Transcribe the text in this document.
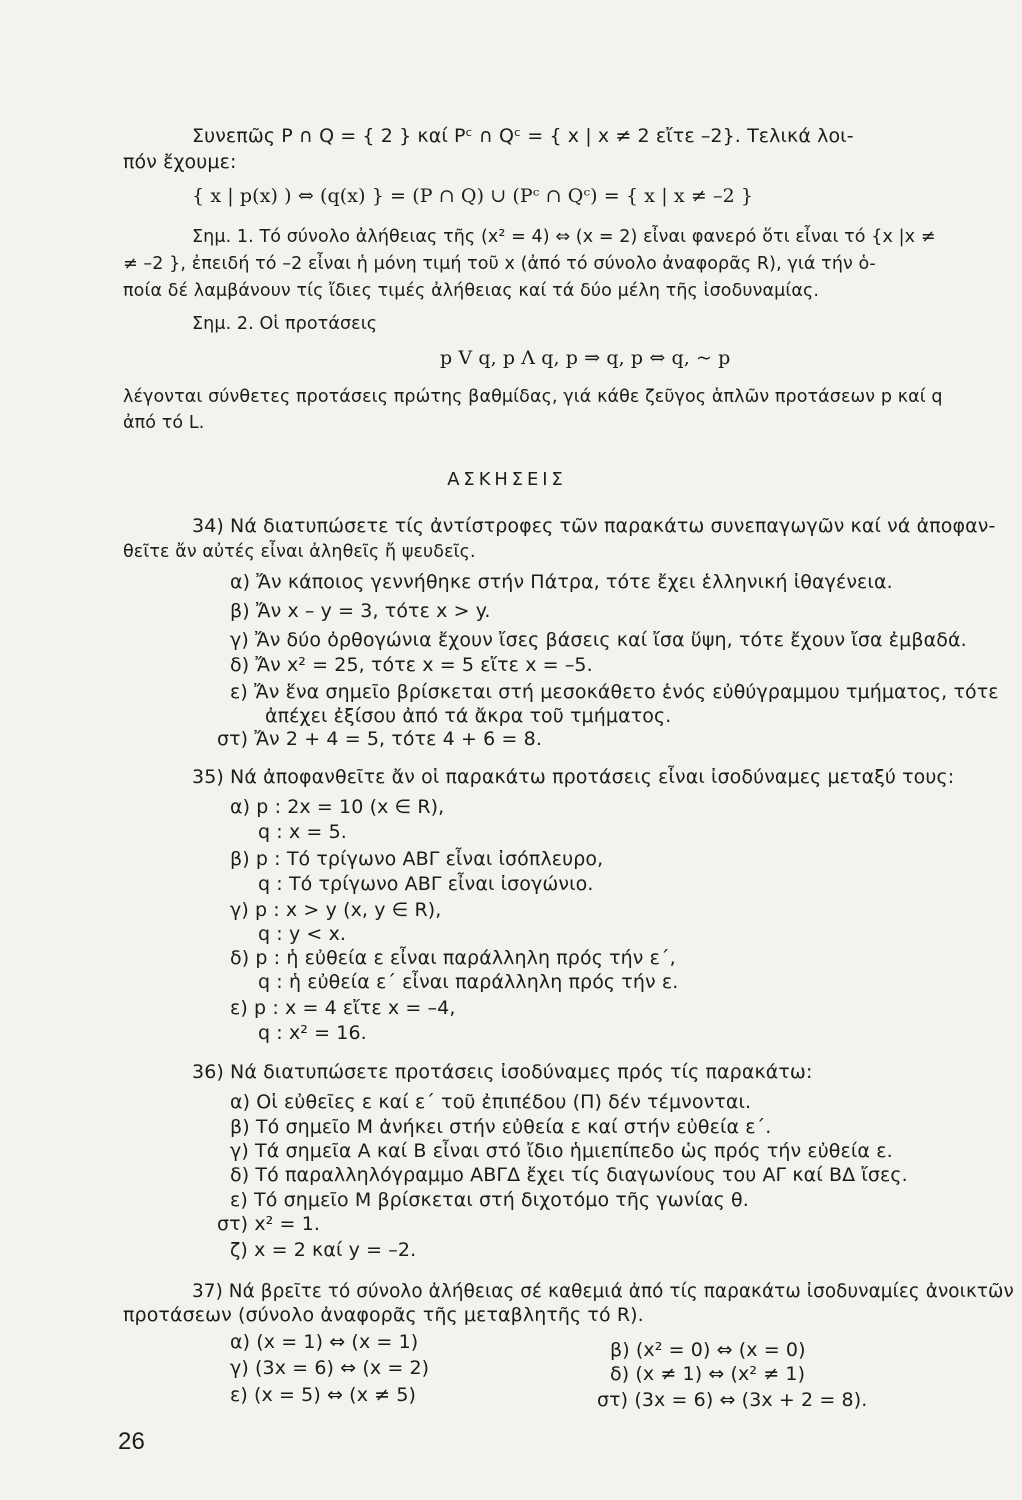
Συνεπῶς P ∩ Q = { 2 } καί Pᶜ ∩ Qᶜ = { x | x ≠ 2 εἴτε –2}. Τελικά λοι-
πόν ἔχουμε:
{ x | p(x) ) ⇔ (q(x) } = (P ∩ Q) ∪ (Pᶜ ∩ Qᶜ) = { x | x ≠ –2 }
Σημ. 1. Τό σύνολο ἀλήθειας τῆς (x² = 4) ⇔ (x = 2) εἶναι φανερό ὅτι εἶναι τό {x |x ≠
≠ –2 }, ἐπειδή τό –2 εἶναι ἡ μόνη τιμή τοῦ x (ἀπό τό σύνολο ἀναφορᾶς R), γιά τήν ὁ-
ποία δέ λαμβάνουν τίς ἴδιες τιμές ἀλήθειας καί τά δύο μέλη τῆς ἰσοδυναμίας.
Σημ. 2. Οἱ προτάσεις
p V q, p Λ q, p ⇒ q, p ⇔ q, ~ p
λέγονται σύνθετες προτάσεις πρώτης βαθμίδας, γιά κάθε ζεῦγος ἁπλῶν προτάσεων p καί q
ἀπό τό L.
ΑΣΚΗΣΕΙΣ
34) Νά διατυπώσετε τίς ἀντίστροφες τῶν παρακάτω συνεπαγωγῶν καί νά ἀποφαν-
θεῖτε ἄν αὐτές εἶναι ἀληθεῖς ἤ ψευδεῖς.
α) Ἄν κάποιος γεννήθηκε στήν Πάτρα, τότε ἔχει ἑλληνική ἰθαγένεια.
β) Ἄν x – y = 3, τότε x > y.
γ) Ἄν δύο ὀρθογώνια ἔχουν ἴσες βάσεις καί ἴσα ὕψη, τότε ἔχουν ἴσα ἐμβαδά.
δ) Ἄν x² = 25, τότε x = 5 εἴτε x = –5.
ε) Ἄν ἕνα σημεῖο βρίσκεται στή μεσοκάθετο ἑνός εὐθύγραμμου τμήματος, τότε
ἀπέχει ἐξίσου ἀπό τά ἄκρα τοῦ τμήματος.
στ) Ἄν 2 + 4 = 5, τότε 4 + 6 = 8.
35) Νά ἀποφανθεῖτε ἄν οἱ παρακάτω προτάσεις εἶναι ἰσοδύναμες μεταξύ τους:
α) p : 2x = 10 (x ∈ R),
q : x = 5.
β) p : Τό τρίγωνο ΑΒΓ εἶναι ἰσόπλευρο,
q : Τό τρίγωνο ΑΒΓ εἶναι ἰσογώνιο.
γ) p : x > y (x, y ∈ R),
q : y < x.
δ) p : ἡ εὐθεία ε εἶναι παράλληλη πρός τήν ε΄,
q : ἡ εὐθεία ε΄ εἶναι παράλληλη πρός τήν ε.
ε) p : x = 4 εἴτε x = –4,
q : x² = 16.
36) Νά διατυπώσετε προτάσεις ἰσοδύναμες πρός τίς παρακάτω:
α) Οἱ εὐθεῖες ε καί ε΄ τοῦ ἐπιπέδου (Π) δέν τέμνονται.
β) Τό σημεῖο M ἀνήκει στήν εὐθεία ε καί στήν εὐθεία ε΄.
γ) Τά σημεῖα Α καί Β εἶναι στό ἴδιο ἡμιεπίπεδο ὡς πρός τήν εὐθεία ε.
δ) Τό παραλληλόγραμμο ΑΒΓΔ ἔχει τίς διαγωνίους του ΑΓ καί ΒΔ ἴσες.
ε) Τό σημεῖο M βρίσκεται στή διχοτόμο τῆς γωνίας θ.
στ) x² = 1.
ζ) x = 2 καί y = –2.
37) Νά βρεῖτε τό σύνολο ἀλήθειας σέ καθεμιά ἀπό τίς παρακάτω ἰσοδυναμίες ἀνοικτῶν
προτάσεων (σύνολο ἀναφορᾶς τῆς μεταβλητῆς τό R).
α) (x = 1) ⇔ (x = 1)	β) (x² = 0) ⇔ (x = 0)
γ) (3x = 6) ⇔ (x = 2)	δ) (x ≠ 1) ⇔ (x² ≠ 1)
ε) (x = 5) ⇔ (x ≠ 5)	στ) (3x = 6) ⇔ (3x + 2 = 8).
26
